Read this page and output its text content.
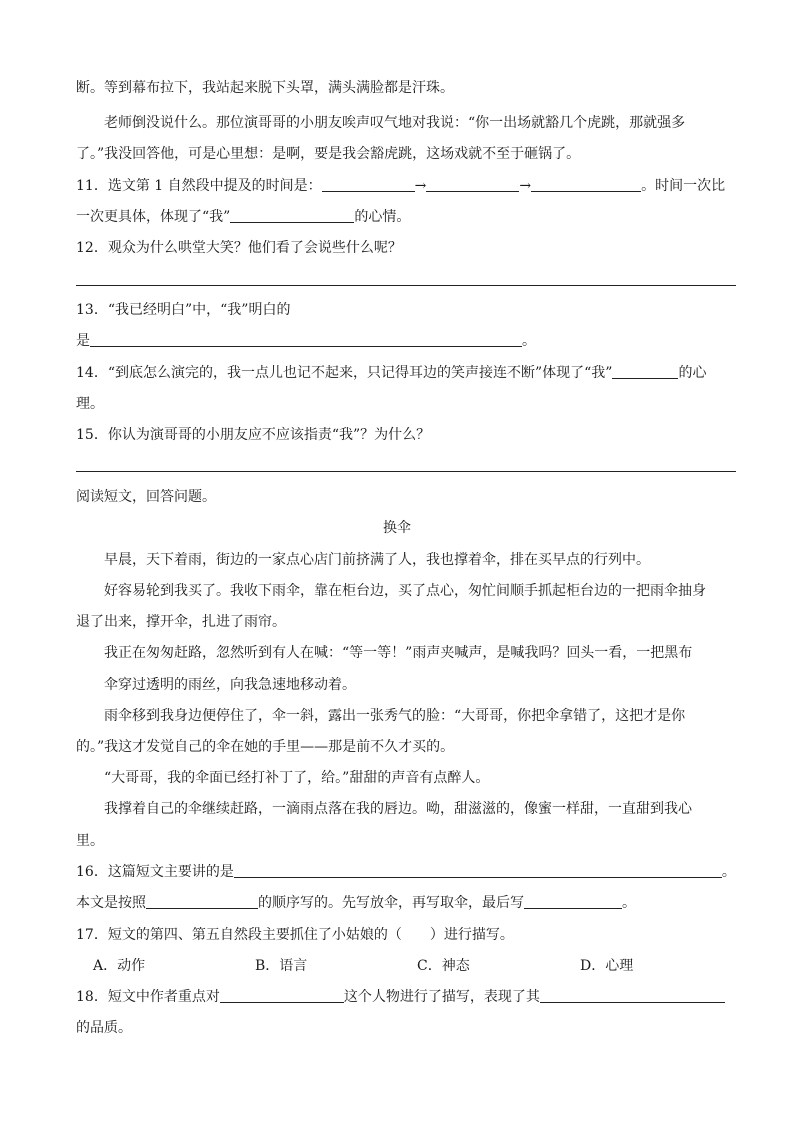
断。等到幕布拉下，我站起来脱下头罩，满头满脸都是汗珠。
老师倒没说什么。那位演哥哥的小朋友唉声叹气地对我说：“你一出场就豁几个虎跳，那就强多
了。”我没回答他，可是心里想：是啊，要是我会豁虎跳，这场戏就不至于砸锅了。
11．选文第 1 自然段中提及的时间是：	→	→	。时间一次比
一次更具体，体现了“我”	的心情。
12．观众为什么哄堂大笑？他们看了会说些什么呢？
13．“我已经明白”中，“我”明白的
是	。
14．“到底怎么演完的，我一点儿也记不起来，只记得耳边的笑声接连不断”体现了“我”	的心
理。
15．你认为演哥哥的小朋友应不应该指责“我”？为什么？
阅读短文，回答问题。
换伞
早晨，天下着雨，街边的一家点心店门前挤满了人，我也撑着伞，排在买早点的行列中。
好容易轮到我买了。我收下雨伞，靠在柜台边，买了点心，匆忙间顺手抓起柜台边的一把雨伞抽身
退了出来，撑开伞，扎进了雨帘。
我正在匆匆赶路，忽然听到有人在喊：“等一等！”雨声夹喊声，是喊我吗？回头一看，一把黑布
伞穿过透明的雨丝，向我急速地移动着。
雨伞移到我身边便停住了，伞一斜，露出一张秀气的脸：“大哥哥，你把伞拿错了，这把才是你
的。”我这才发觉自己的伞在她的手里——那是前不久才买的。
“大哥哥，我的伞面已经打补丁了，给。”甜甜的声音有点醉人。
我撑着自己的伞继续赶路，一滴雨点落在我的唇边。呦，甜滋滋的，像蜜一样甜，一直甜到我心
里。
16．这篇短文主要讲的是	。
本文是按照	的顺序写的。先写放伞，再写取伞，最后写	。
17．短文的第四、第五自然段主要抓住了小姑娘的（　　）进行描写。
A．动作	B．语言	C．神态	D．心理
18．短文中作者重点对	这个人物进行了描写，表现了其
的品质。
